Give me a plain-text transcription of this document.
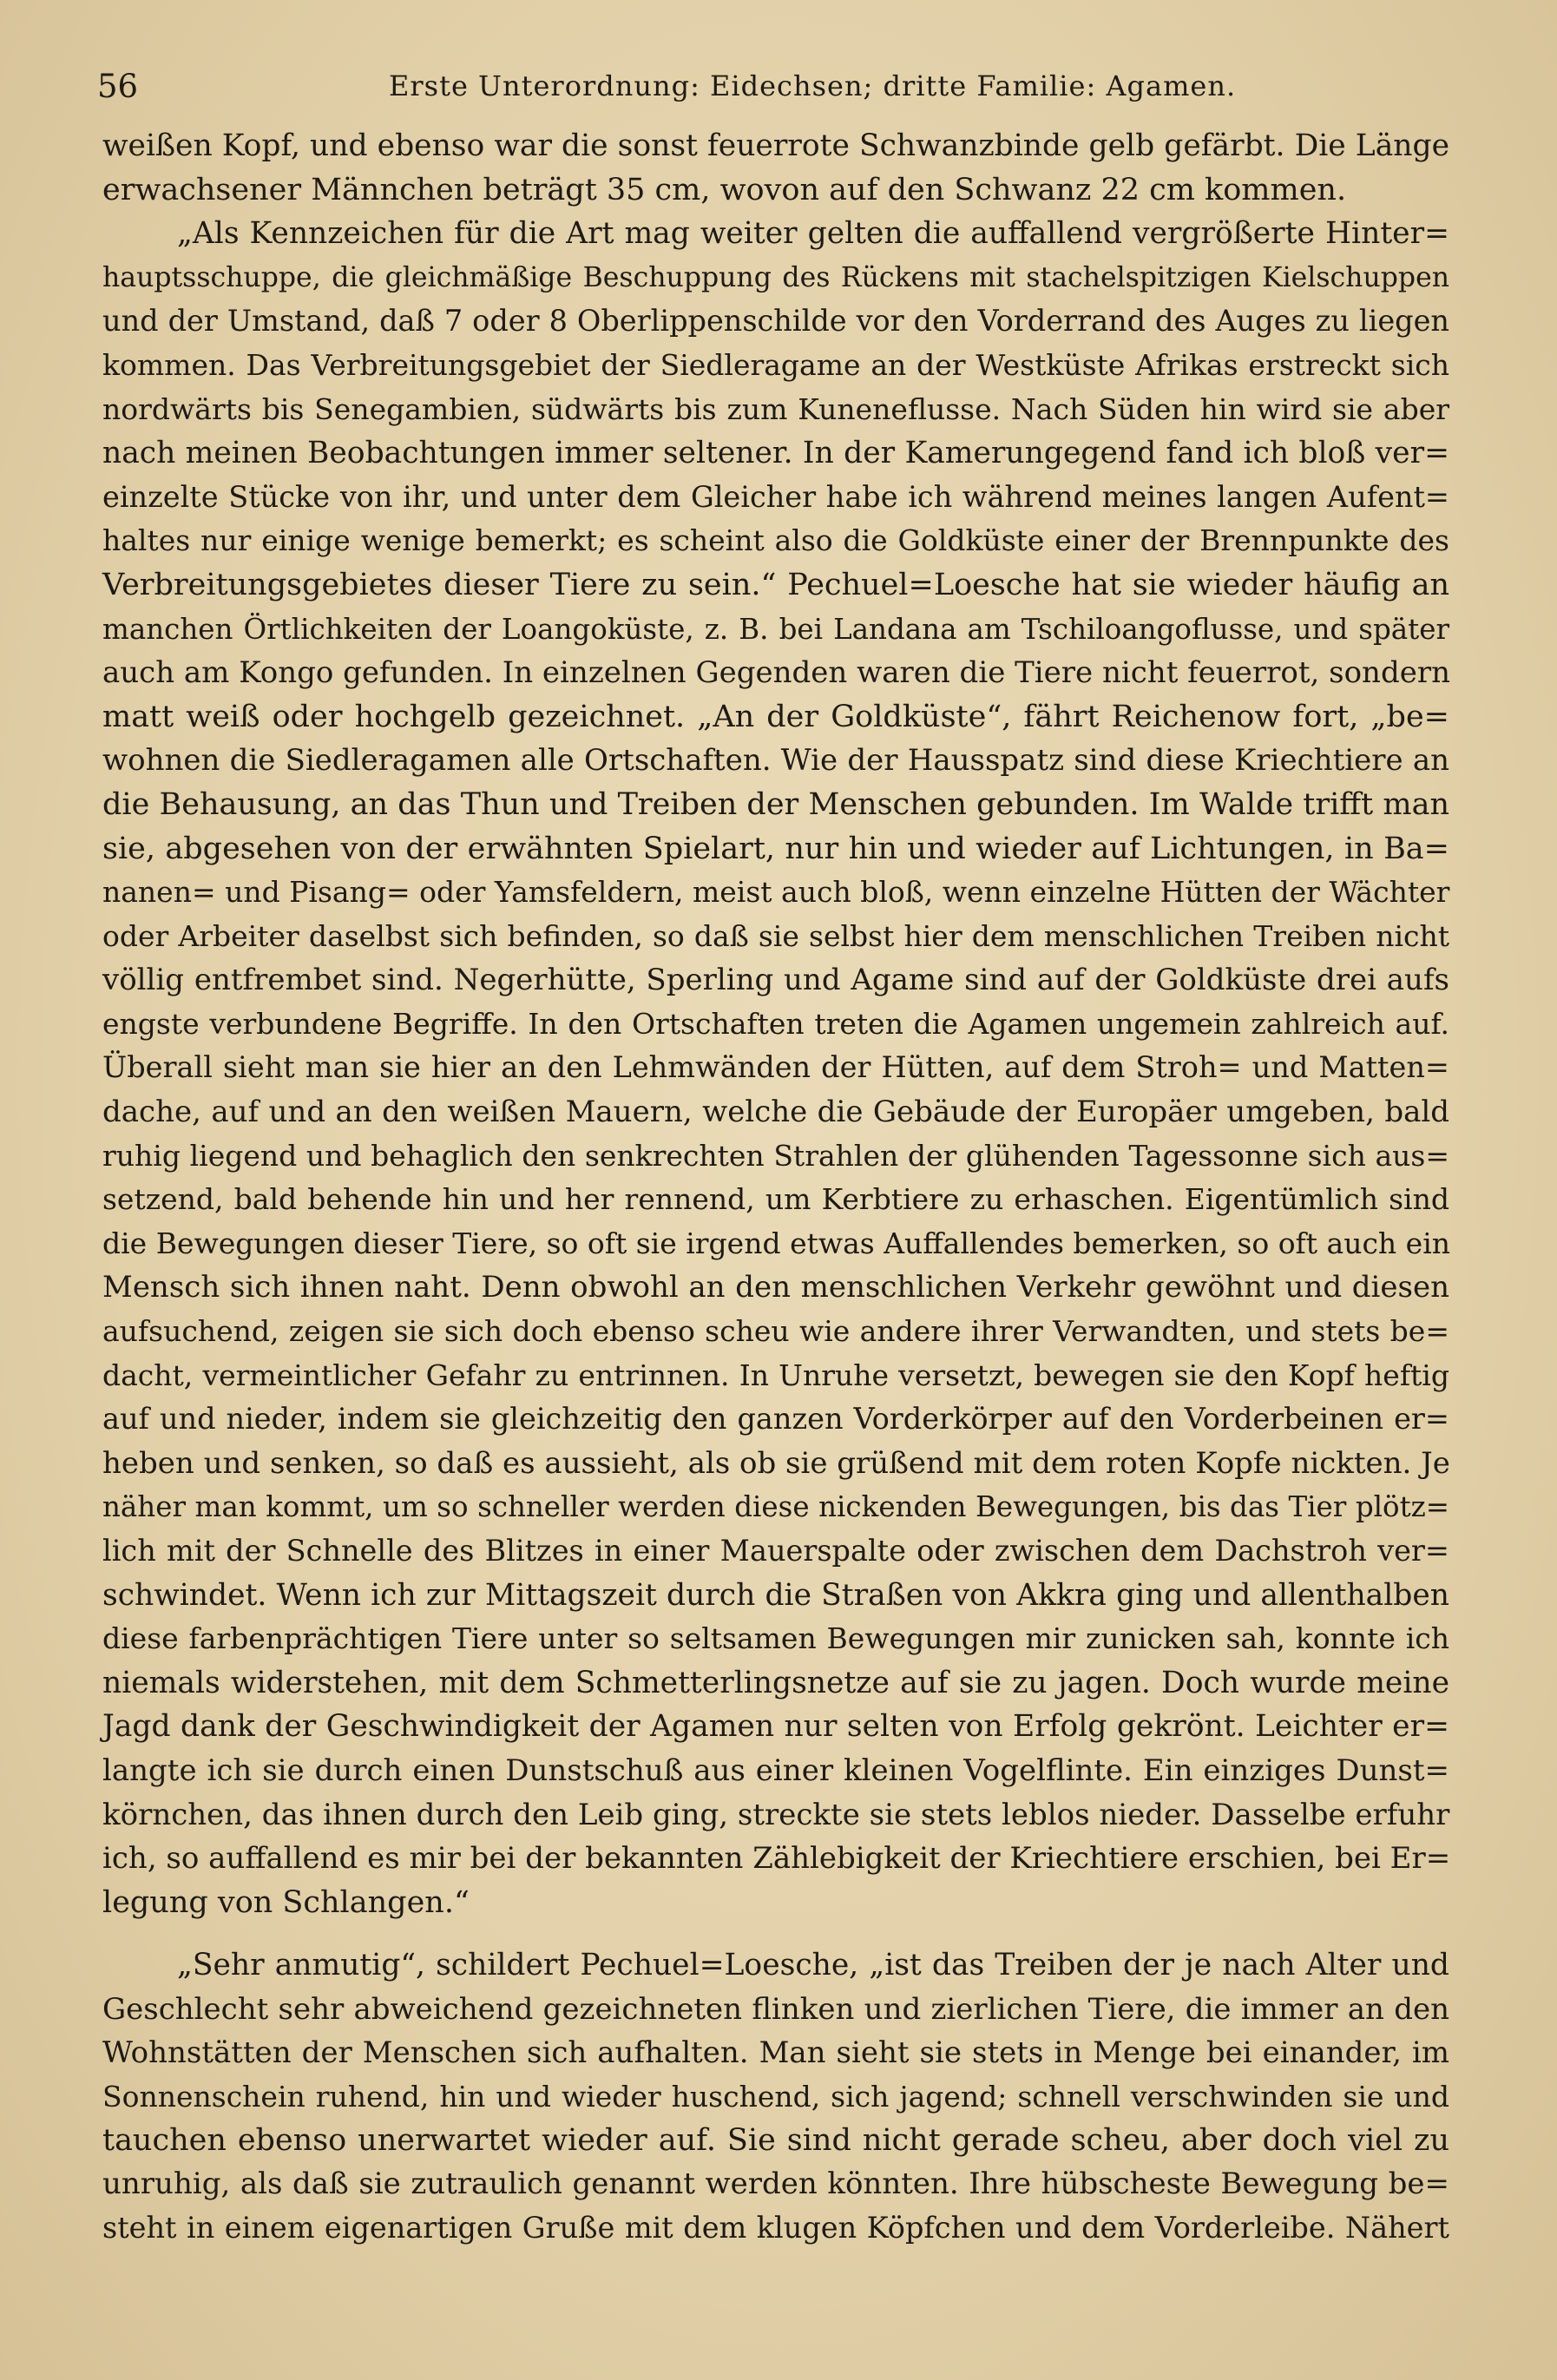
56	Erste Unterordnung: Eidechsen; dritte Familie: Agamen.
weißen Kopf, und ebenso war die sonst feuerrote Schwanzbinde gelb gefärbt. Die Länge
erwachsener Männchen beträgt 35 cm, wovon auf den Schwanz 22 cm kommen.
„Als Kennzeichen für die Art mag weiter gelten die auffallend vergrößerte Hinter=
hauptsschuppe, die gleichmäßige Beschuppung des Rückens mit stachelspitzigen Kielschuppen
und der Umstand, daß 7 oder 8 Oberlippenschilde vor den Vorderrand des Auges zu liegen
kommen. Das Verbreitungsgebiet der Siedleragame an der Westküste Afrikas erstreckt sich
nordwärts bis Senegambien, südwärts bis zum Kuneneflusse. Nach Süden hin wird sie aber
nach meinen Beobachtungen immer seltener. In der Kamerungegend fand ich bloß ver=
einzelte Stücke von ihr, und unter dem Gleicher habe ich während meines langen Aufent=
haltes nur einige wenige bemerkt; es scheint also die Goldküste einer der Brennpunkte des
Verbreitungsgebietes dieser Tiere zu sein.“ Pechuel=Loesche hat sie wieder häufig an
manchen Örtlichkeiten der Loangoküste, z. B. bei Landana am Tschiloangoflusse, und später
auch am Kongo gefunden. In einzelnen Gegenden waren die Tiere nicht feuerrot, sondern
matt weiß oder hochgelb gezeichnet. „An der Goldküste“, fährt Reichenow fort, „be=
wohnen die Siedleragamen alle Ortschaften. Wie der Hausspatz sind diese Kriechtiere an
die Behausung, an das Thun und Treiben der Menschen gebunden. Im Walde trifft man
sie, abgesehen von der erwähnten Spielart, nur hin und wieder auf Lichtungen, in Ba=
nanen= und Pisang= oder Yamsfeldern, meist auch bloß, wenn einzelne Hütten der Wächter
oder Arbeiter daselbst sich befinden, so daß sie selbst hier dem menschlichen Treiben nicht
völlig entfrembet sind. Negerhütte, Sperling und Agame sind auf der Goldküste drei aufs
engste verbundene Begriffe. In den Ortschaften treten die Agamen ungemein zahlreich auf.
Überall sieht man sie hier an den Lehmwänden der Hütten, auf dem Stroh= und Matten=
dache, auf und an den weißen Mauern, welche die Gebäude der Europäer umgeben, bald
ruhig liegend und behaglich den senkrechten Strahlen der glühenden Tagessonne sich aus=
setzend, bald behende hin und her rennend, um Kerbtiere zu erhaschen. Eigentümlich sind
die Bewegungen dieser Tiere, so oft sie irgend etwas Auffallendes bemerken, so oft auch ein
Mensch sich ihnen naht. Denn obwohl an den menschlichen Verkehr gewöhnt und diesen
aufsuchend, zeigen sie sich doch ebenso scheu wie andere ihrer Verwandten, und stets be=
dacht, vermeintlicher Gefahr zu entrinnen. In Unruhe versetzt, bewegen sie den Kopf heftig
auf und nieder, indem sie gleichzeitig den ganzen Vorderkörper auf den Vorderbeinen er=
heben und senken, so daß es aussieht, als ob sie grüßend mit dem roten Kopfe nickten. Je
näher man kommt, um so schneller werden diese nickenden Bewegungen, bis das Tier plötz=
lich mit der Schnelle des Blitzes in einer Mauerspalte oder zwischen dem Dachstroh ver=
schwindet. Wenn ich zur Mittagszeit durch die Straßen von Akkra ging und allenthalben
diese farbenprächtigen Tiere unter so seltsamen Bewegungen mir zunicken sah, konnte ich
niemals widerstehen, mit dem Schmetterlingsnetze auf sie zu jagen. Doch wurde meine
Jagd dank der Geschwindigkeit der Agamen nur selten von Erfolg gekrönt. Leichter er=
langte ich sie durch einen Dunstschuß aus einer kleinen Vogelflinte. Ein einziges Dunst=
körnchen, das ihnen durch den Leib ging, streckte sie stets leblos nieder. Dasselbe erfuhr
ich, so auffallend es mir bei der bekannten Zählebigkeit der Kriechtiere erschien, bei Er=
legung von Schlangen.“
„Sehr anmutig“, schildert Pechuel=Loesche, „ist das Treiben der je nach Alter und
Geschlecht sehr abweichend gezeichneten flinken und zierlichen Tiere, die immer an den
Wohnstätten der Menschen sich aufhalten. Man sieht sie stets in Menge bei einander, im
Sonnenschein ruhend, hin und wieder huschend, sich jagend; schnell verschwinden sie und
tauchen ebenso unerwartet wieder auf. Sie sind nicht gerade scheu, aber doch viel zu
unruhig, als daß sie zutraulich genannt werden könnten. Ihre hübscheste Bewegung be=
steht in einem eigenartigen Gruße mit dem klugen Köpfchen und dem Vorderleibe. Nähert
